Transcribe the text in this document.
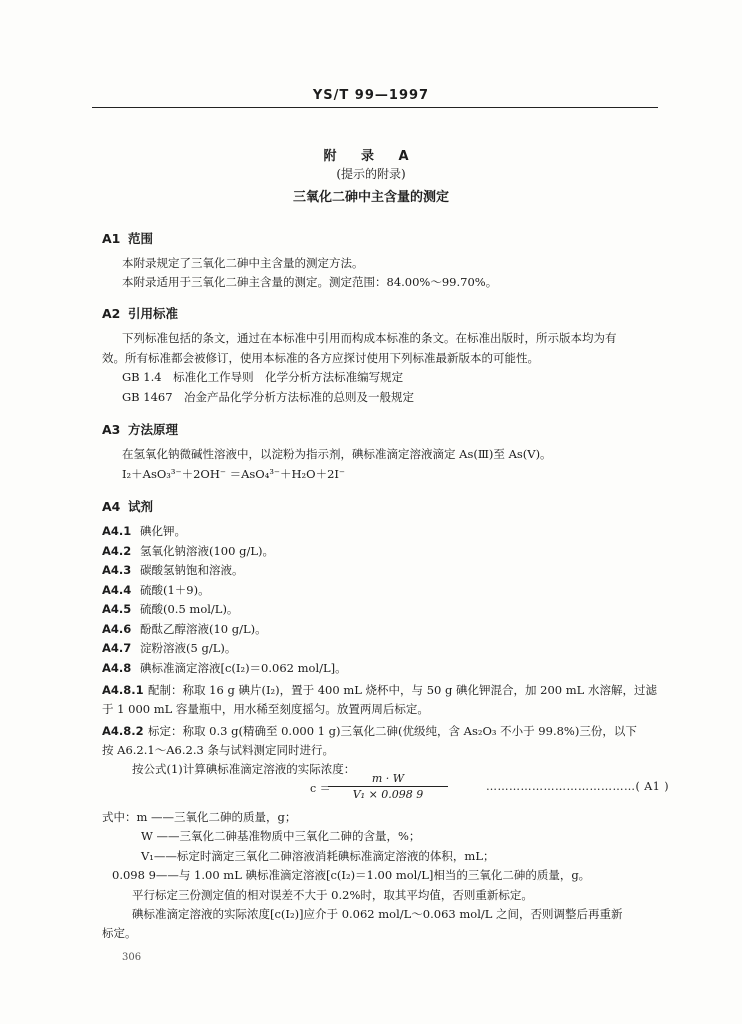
YS/T 99—1997
附 录 A
(提示的附录)
三氧化二砷中主含量的测定
A1 范围
本附录规定了三氧化二砷中主含量的测定方法。
本附录适用于三氧化二砷主含量的测定。测定范围：84.00%～99.70%。
A2 引用标准
下列标准包括的条文，通过在本标准中引用而构成本标准的条文。在标准出版时，所示版本均为有
效。所有标准都会被修订，使用本标准的各方应探讨使用下列标准最新版本的可能性。
GB 1.4　标准化工作导则　化学分析方法标准编写规定
GB 1467　冶金产品化学分析方法标准的总则及一般规定
A3 方法原理
在氢氧化钠微碱性溶液中，以淀粉为指示剂，碘标准滴定溶液滴定 As(Ⅲ)至 As(Ⅴ)。
I₂＋AsO₃³⁻＋2OH⁻ ＝AsO₄³⁻＋H₂O＋2I⁻
A4 试剂
A4.1 碘化钾。
A4.2 氢氧化钠溶液(100 g/L)。
A4.3 碳酸氢钠饱和溶液。
A4.4 硫酸(1＋9)。
A4.5 硫酸(0.5 mol/L)。
A4.6 酚酞乙醇溶液(10 g/L)。
A4.7 淀粉溶液(5 g/L)。
A4.8 碘标准滴定溶液[c(I₂)＝0.062 mol/L]。
A4.8.1 配制：称取 16 g 碘片(I₂)，置于 400 mL 烧杯中，与 50 g 碘化钾混合，加 200 mL 水溶解，过滤
于 1 000 mL 容量瓶中，用水稀至刻度摇匀。放置两周后标定。
A4.8.2 标定：称取 0.3 g(精确至 0.000 1 g)三氧化二砷(优级纯，含 As₂O₃ 不小于 99.8%)三份，以下
按 A6.2.1～A6.2.3 条与试料测定同时进行。
按公式(1)计算碘标准滴定溶液的实际浓度：
c ＝
m · W
V₁ × 0.098 9
…………………………………( A1 )
式中：m ——三氧化二砷的质量，g；
W ——三氧化二砷基准物质中三氧化二砷的含量，%；
V₁——标定时滴定三氧化二砷溶液消耗碘标准滴定溶液的体积，mL；
0.098 9——与 1.00 mL 碘标准滴定溶液[c(I₂)＝1.00 mol/L]相当的三氧化二砷的质量，g。
平行标定三份测定值的相对误差不大于 0.2%时，取其平均值，否则重新标定。
碘标准滴定溶液的实际浓度[c(I₂)]应介于 0.062 mol/L～0.063 mol/L 之间，否则调整后再重新
标定。
306
